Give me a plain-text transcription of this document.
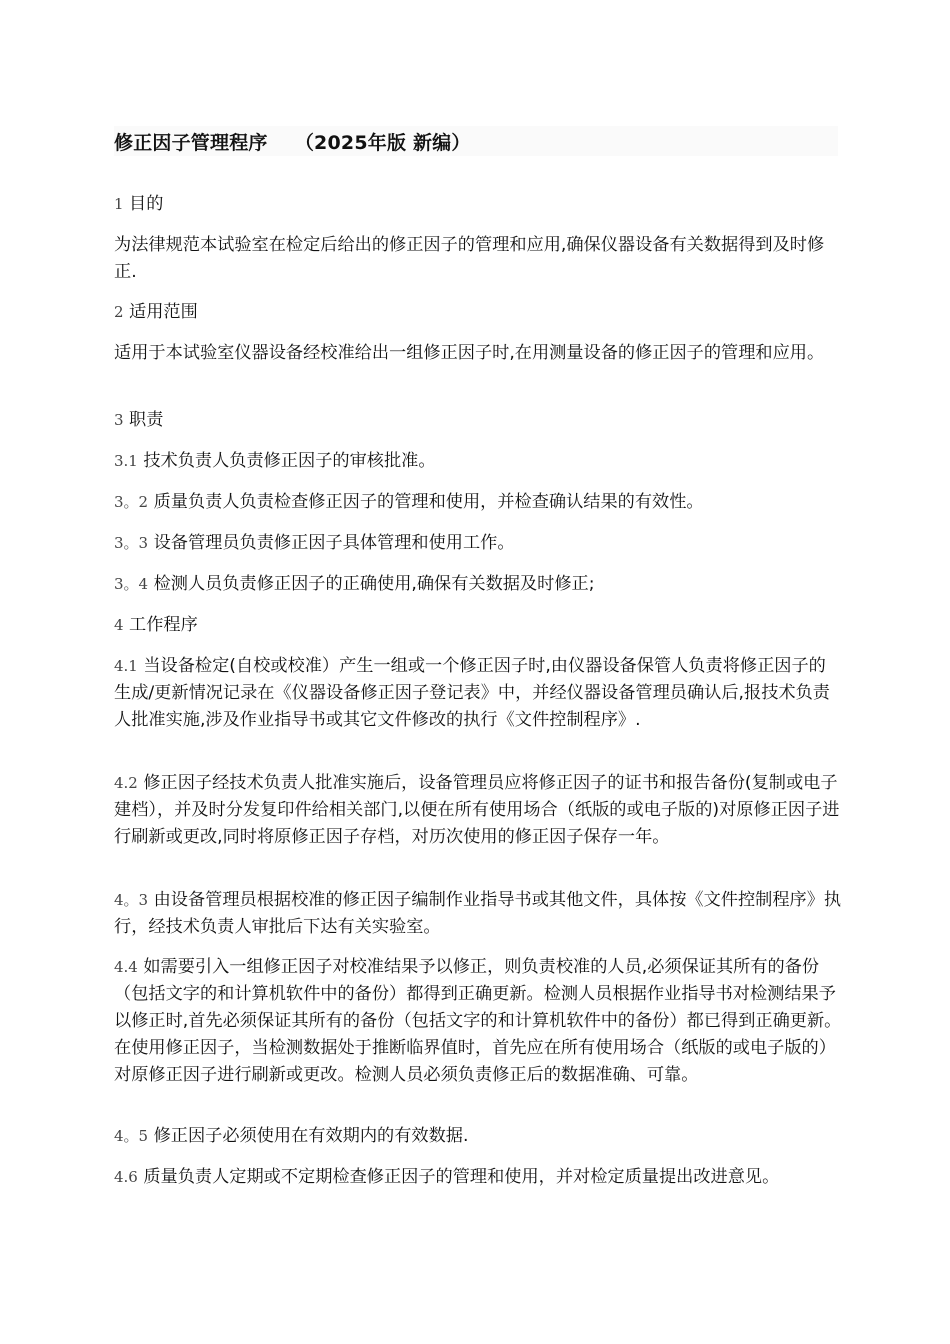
修正因子管理程序    （2025年版 新编）
1 目的
为法律规范本试验室在检定后给出的修正因子的管理和应用,确保仪器设备有关数据得到及时修正.
2 适用范围
适用于本试验室仪器设备经校准给出一组修正因子时,在用测量设备的修正因子的管理和应用。
3 职责
3.1 技术负责人负责修正因子的审核批准。
3。2 质量负责人负责检查修正因子的管理和使用，并检查确认结果的有效性。
3。3 设备管理员负责修正因子具体管理和使用工作。
3。4 检测人员负责修正因子的正确使用,确保有关数据及时修正;
4 工作程序
4.1 当设备检定(自校或校准）产生一组或一个修正因子时,由仪器设备保管人负责将修正因子的生成/更新情况记录在《仪器设备修正因子登记表》中，并经仪器设备管理员确认后,报技术负责人批准实施,涉及作业指导书或其它文件修改的执行《文件控制程序》.
4.2 修正因子经技术负责人批准实施后，设备管理员应将修正因子的证书和报告备份(复制或电子建档），并及时分发复印件给相关部门,以便在所有使用场合（纸版的或电子版的)对原修正因子进行刷新或更改,同时将原修正因子存档，对历次使用的修正因子保存一年。
4。3 由设备管理员根据校准的修正因子编制作业指导书或其他文件，具体按《文件控制程序》执行，经技术负责人审批后下达有关实验室。
4.4 如需要引入一组修正因子对校准结果予以修正，则负责校准的人员,必须保证其所有的备份（包括文字的和计算机软件中的备份）都得到正确更新。检测人员根据作业指导书对检测结果予以修正时,首先必须保证其所有的备份（包括文字的和计算机软件中的备份）都已得到正确更新。在使用修正因子，当检测数据处于推断临界值时，首先应在所有使用场合（纸版的或电子版的）对原修正因子进行刷新或更改。检测人员必须负责修正后的数据准确、可靠。
4。5 修正因子必须使用在有效期内的有效数据.
4.6 质量负责人定期或不定期检查修正因子的管理和使用，并对检定质量提出改进意见。
